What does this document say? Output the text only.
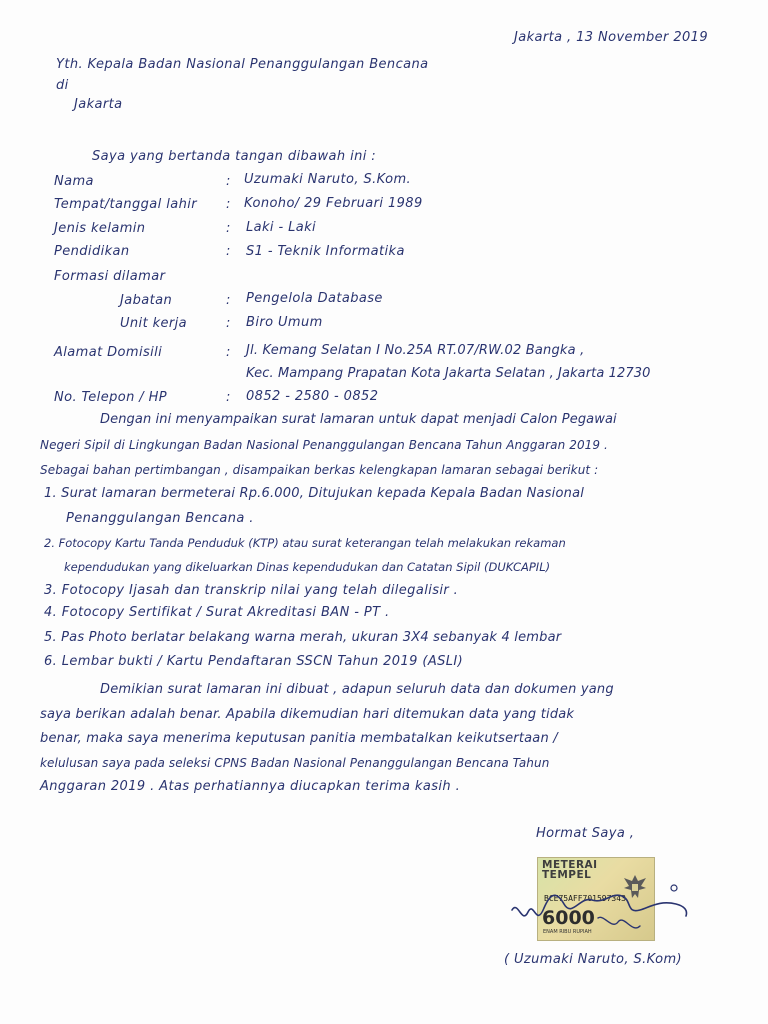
Jakarta , 13 November 2019
Yth. Kepala Badan Nasional Penanggulangan Bencana
di
Jakarta
Saya yang bertanda tangan dibawah ini :
Nama	: Uzumaki Naruto, S.Kom.
Tempat/tanggal lahir : Konoho/ 29 Februari 1989
Jenis kelamin	: Laki - Laki
Pendidikan	: S1 - Teknik Informatika
Formasi dilamar
Jabatan	: Pengelola Database
Unit kerja	: Biro Umum
Alamat Domisili	: Jl. Kemang Selatan I No.25A RT.07/RW.02 Bangka ,
Kec. Mampang Prapatan Kota Jakarta Selatan , Jakarta 12730
No. Telepon / HP	: 0852 - 2580 - 0852
Dengan ini menyampaikan surat lamaran untuk dapat menjadi Calon Pegawai
Negeri Sipil di Lingkungan Badan Nasional Penanggulangan Bencana Tahun Anggaran 2019 .
Sebagai bahan pertimbangan , disampaikan berkas kelengkapan lamaran sebagai berikut :
1. Surat lamaran bermeterai Rp.6.000, Ditujukan kepada Kepala Badan Nasional
Penanggulangan Bencana .
2. Fotocopy Kartu Tanda Penduduk (KTP) atau surat keterangan telah melakukan rekaman
kependudukan yang dikeluarkan Dinas kependudukan dan Catatan Sipil (DUKCAPIL)
3. Fotocopy Ijasah dan transkrip nilai yang telah dilegalisir .
4. Fotocopy Sertifikat / Surat Akreditasi BAN - PT .
5. Pas Photo berlatar belakang warna merah, ukuran 3X4 sebanyak 4 lembar
6. Lembar bukti / Kartu Pendaftaran SSCN Tahun 2019 (ASLI)
Demikian surat lamaran ini dibuat , adapun seluruh data dan dokumen yang
saya berikan adalah benar. Apabila dikemudian hari ditemukan data yang tidak
benar, maka saya menerima keputusan panitia membatalkan keikutsertaan /
kelulusan saya pada seleksi CPNS Badan Nasional Penanggulangan Bencana Tahun
Anggaran 2019 . Atas perhatiannya diucapkan terima kasih .
Hormat Saya ,
METERAI
TEMPEL
BCE75AFF701597343
6000
ENAM RIBU RUPIAH
( Uzumaki Naruto, S.Kom)
